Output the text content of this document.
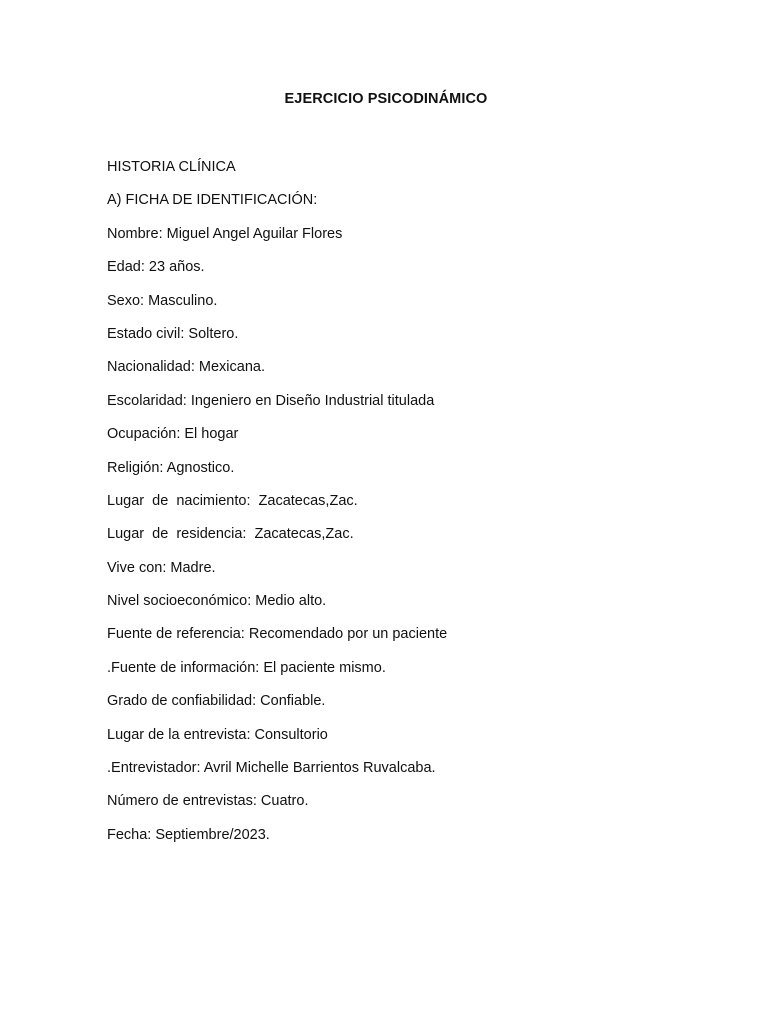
EJERCICIO PSICODINÁMICO
HISTORIA CLÍNICA
A) FICHA DE IDENTIFICACIÓN:
Nombre: Miguel Angel Aguilar Flores
Edad: 23 años.
Sexo: Masculino.
Estado civil: Soltero.
Nacionalidad: Mexicana.
Escolaridad: Ingeniero en Diseño Industrial titulada
Ocupación: El hogar
Religión: Agnostico.
Lugar  de  nacimiento:  Zacatecas,Zac.
Lugar  de  residencia:  Zacatecas,Zac.
Vive con: Madre.
Nivel socioeconómico: Medio alto.
Fuente de referencia: Recomendado por un paciente
.Fuente de información: El paciente mismo.
Grado de confiabilidad: Confiable.
Lugar de la entrevista: Consultorio
.Entrevistador: Avril Michelle Barrientos Ruvalcaba.
Número de entrevistas: Cuatro.
Fecha: Septiembre/2023.
